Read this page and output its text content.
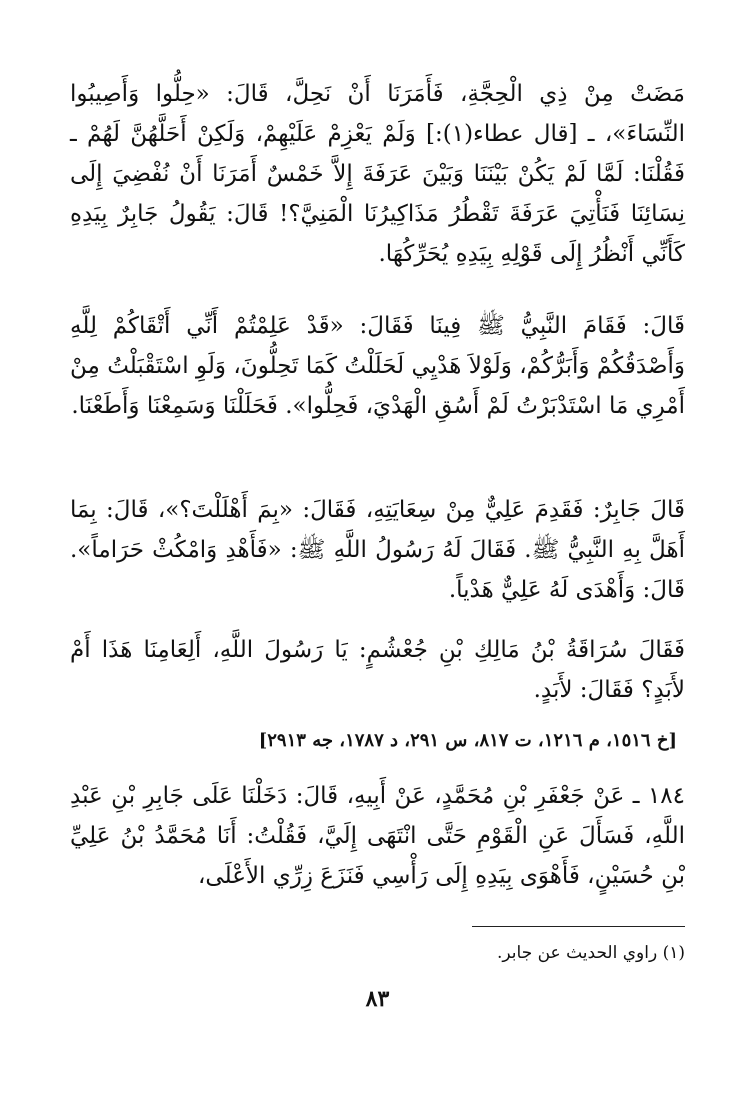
مَضَتْ مِنْ ذِي الْحِجَّةِ، فَأَمَرَنَا أَنْ نَحِلَّ، قَالَ: «حِلُّوا وَأَصِيبُوا النِّسَاءَ»، ـ [قال عطاء(١):] وَلَمْ يَعْزِمْ عَلَيْهِمْ، وَلَكِنْ أَحَلَّهُنَّ لَهُمْ ـ فَقُلْنَا: لَمَّا لَمْ يَكُنْ بَيْنَنَا وَبَيْنَ عَرَفَةَ إِلاَّ خَمْسٌ أَمَرَنَا أَنْ نُفْضِيَ إِلَى نِسَائِنَا فَنَأْتِيَ عَرَفَةَ تَقْطُرُ مَذَاكِيرُنَا الْمَنِيَّ؟! قَالَ: يَقُولُ جَابِرٌ بِيَدِهِ كَأَنِّي أَنْظُرُ إِلَى قَوْلِهِ بِيَدِهِ يُحَرِّكُهَا.

قَالَ: فَقَامَ النَّبِيُّ ﷺ فِينَا فَقَالَ: «قَدْ عَلِمْتُمْ أَنِّي أَتْقَاكُمْ لِلَّهِ وَأَصْدَقُكُمْ وَأَبَرُّكُمْ، وَلَوْلاَ هَدْيِي لَحَلَلْتُ كَمَا تَحِلُّونَ، وَلَوِ اسْتَقْبَلْتُ مِنْ أَمْرِي مَا اسْتَدْبَرْتُ لَمْ أَسُقِ الْهَدْيَ، فَحِلُّوا». فَحَلَلْنَا وَسَمِعْنَا وَأَطَعْنَا.

قَالَ جَابِرٌ: فَقَدِمَ عَلِيٌّ مِنْ سِعَايَتِهِ، فَقَالَ: «بِمَ أَهْلَلْتَ؟»، قَالَ: بِمَا أَهَلَّ بِهِ النَّبِيُّ ﷺ. فَقَالَ لَهُ رَسُولُ اللَّهِ ﷺ: «فَأَهْدِ وَامْكُثْ حَرَاماً». قَالَ: وَأَهْدَى لَهُ عَلِيٌّ هَدْياً.

فَقَالَ سُرَاقَةُ بْنُ مَالِكِ بْنِ جُعْشُمٍ: يَا رَسُولَ اللَّهِ، أَلِعَامِنَا هَذَا أَمْ لأَبَدٍ؟ فَقَالَ: لأَبَدٍ.

[خ ١٥١٦، م ١٢١٦، ت ٨١٧، س ٢٩١، د ١٧٨٧، جه ٢٩١٣]

١٨٤ ـ عَنْ جَعْفَرِ بْنِ مُحَمَّدٍ، عَنْ أَبِيهِ، قَالَ: دَخَلْنَا عَلَى جَابِرِ بْنِ عَبْدِ اللَّهِ، فَسَأَلَ عَنِ الْقَوْمِ حَتَّى انْتَهَى إِلَيَّ، فَقُلْتُ: أَنَا مُحَمَّدُ بْنُ عَلِيِّ بْنِ حُسَيْنٍ، فَأَهْوَى بِيَدِهِ إِلَى رَأْسِي فَنَزَعَ زِرِّي الأَعْلَى،

(١) راوي الحديث عن جابر.

٨٣
